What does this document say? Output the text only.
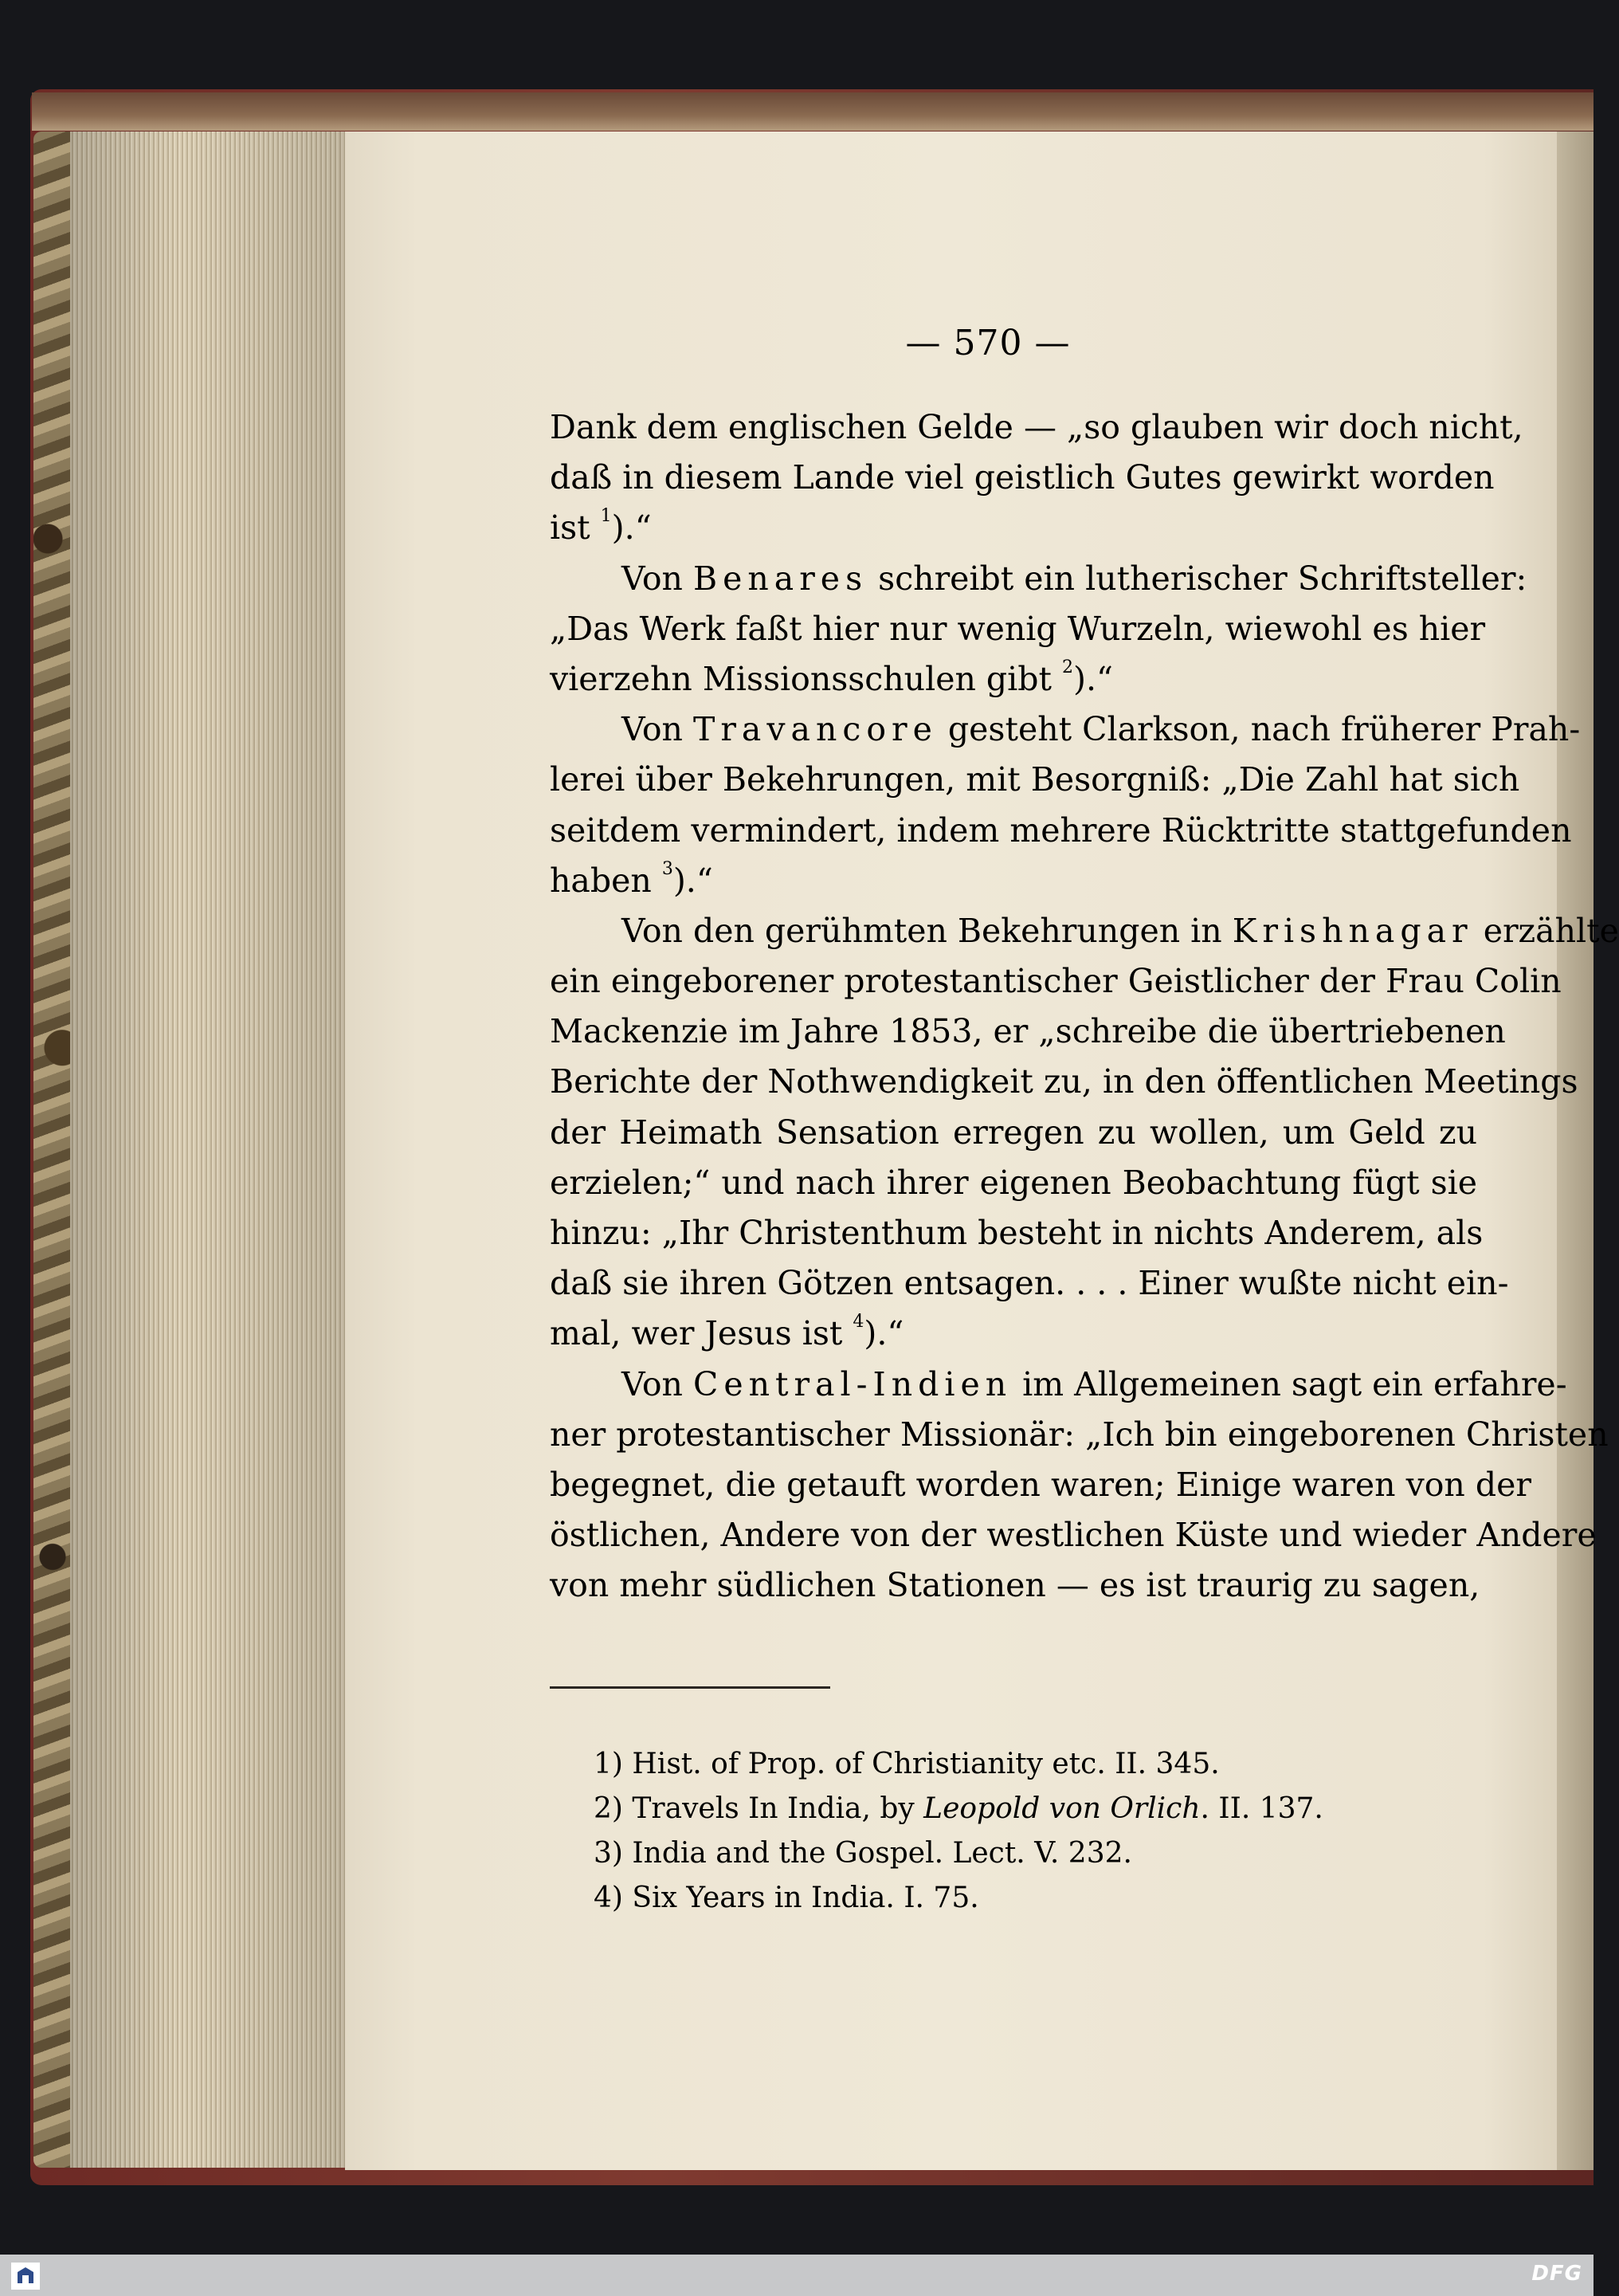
— 570 —
Dank dem englischen Gelde — „so glauben wir doch nicht,
daß in diesem Lande viel geistlich Gutes gewirkt worden
ist $^1$).“
Von Benares schreibt ein lutherischer Schriftsteller:
„Das Werk faßt hier nur wenig Wurzeln, wiewohl es hier
vierzehn Missionsschulen gibt $^2$).“
Von Travancore gesteht Clarkson, nach früherer Prah-
lerei über Bekehrungen, mit Besorgniß: „Die Zahl hat sich
seitdem vermindert, indem mehrere Rücktritte stattgefunden
haben $^3$).“
Von den gerühmten Bekehrungen in Krishnagar erzählte
ein eingeborener protestantischer Geistlicher der Frau Colin
Mackenzie im Jahre 1853, er „schreibe die übertriebenen
Berichte der Nothwendigkeit zu, in den öffentlichen Meetings
der Heimath Sensation erregen zu wollen, um Geld zu
erzielen;“ und nach ihrer eigenen Beobachtung fügt sie
hinzu: „Ihr Christenthum besteht in nichts Anderem, als
daß sie ihren Götzen entsagen. . . . Einer wußte nicht ein-
mal, wer Jesus ist $^4$).“
Von Central-Indien im Allgemeinen sagt ein erfahre-
ner protestantischer Missionär: „Ich bin eingeborenen Christen
begegnet, die getauft worden waren; Einige waren von der
östlichen, Andere von der westlichen Küste und wieder Andere
von mehr südlichen Stationen — es ist traurig zu sagen,
1) Hist. of Prop. of Christianity etc. II. 345.
2) Travels In India, by Leopold von Orlich. II. 137.
3) India and the Gospel. Lect. V. 232.
4) Six Years in India. I. 75.
DFG
